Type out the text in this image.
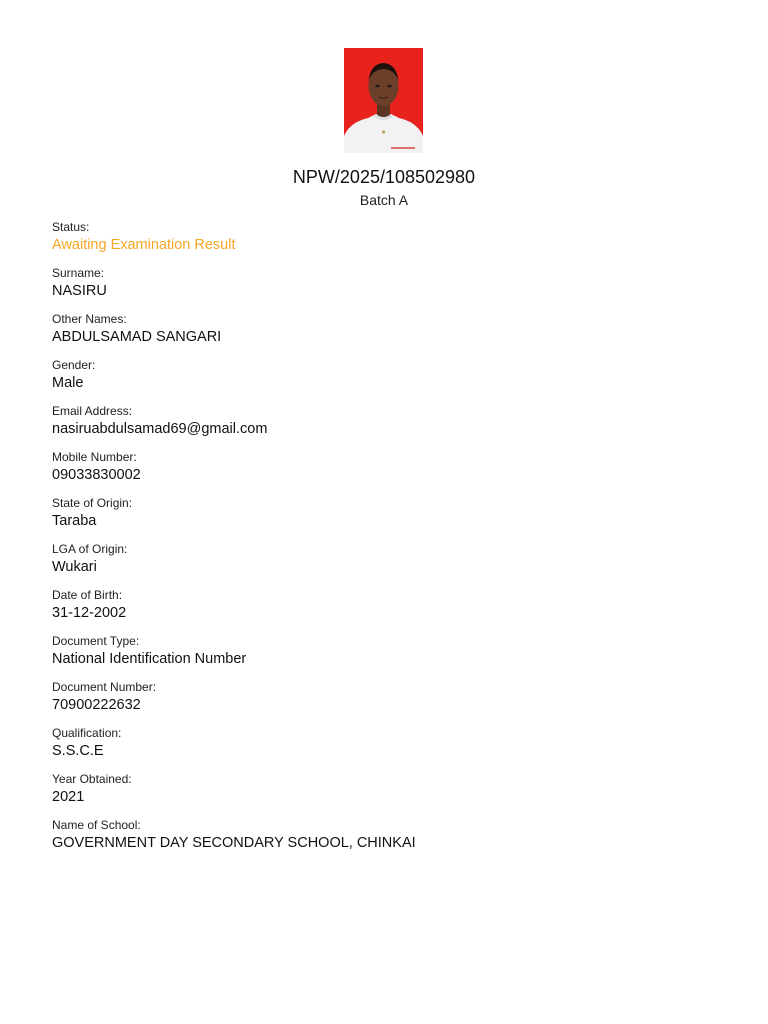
NPW/2025/108502980
Batch A
Status:
Awaiting Examination Result
Surname:
NASIRU
Other Names:
ABDULSAMAD SANGARI
Gender:
Male
Email Address:
nasiruabdulsamad69@gmail.com
Mobile Number:
09033830002
State of Origin:
Taraba
LGA of Origin:
Wukari
Date of Birth:
31-12-2002
Document Type:
National Identification Number
Document Number:
70900222632
Qualification:
S.S.C.E
Year Obtained:
2021
Name of School:
GOVERNMENT DAY SECONDARY SCHOOL, CHINKAI
